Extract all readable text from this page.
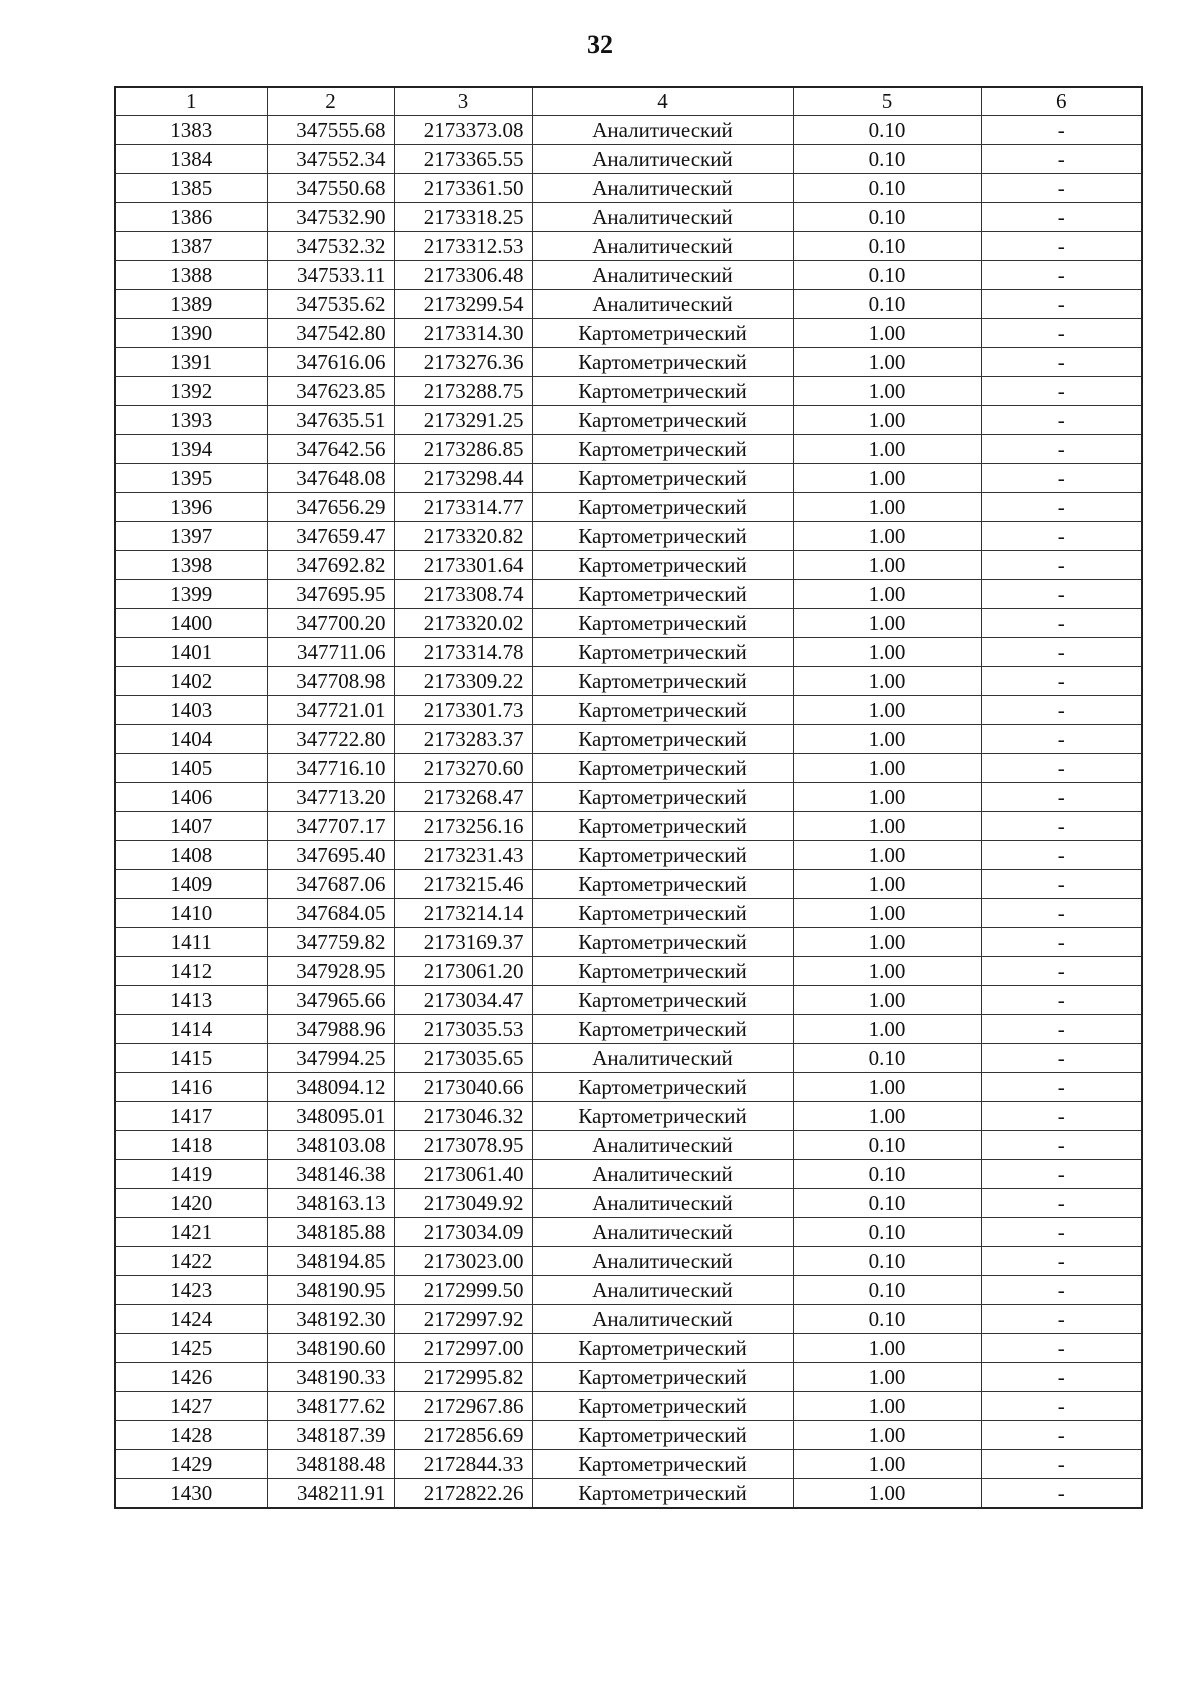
32
1	2	3	4	5	6
1383	347555.68	2173373.08	Аналитический	0.10	-
1384	347552.34	2173365.55	Аналитический	0.10	-
1385	347550.68	2173361.50	Аналитический	0.10	-
1386	347532.90	2173318.25	Аналитический	0.10	-
1387	347532.32	2173312.53	Аналитический	0.10	-
1388	347533.11	2173306.48	Аналитический	0.10	-
1389	347535.62	2173299.54	Аналитический	0.10	-
1390	347542.80	2173314.30	Картометрический	1.00	-
1391	347616.06	2173276.36	Картометрический	1.00	-
1392	347623.85	2173288.75	Картометрический	1.00	-
1393	347635.51	2173291.25	Картометрический	1.00	-
1394	347642.56	2173286.85	Картометрический	1.00	-
1395	347648.08	2173298.44	Картометрический	1.00	-
1396	347656.29	2173314.77	Картометрический	1.00	-
1397	347659.47	2173320.82	Картометрический	1.00	-
1398	347692.82	2173301.64	Картометрический	1.00	-
1399	347695.95	2173308.74	Картометрический	1.00	-
1400	347700.20	2173320.02	Картометрический	1.00	-
1401	347711.06	2173314.78	Картометрический	1.00	-
1402	347708.98	2173309.22	Картометрический	1.00	-
1403	347721.01	2173301.73	Картометрический	1.00	-
1404	347722.80	2173283.37	Картометрический	1.00	-
1405	347716.10	2173270.60	Картометрический	1.00	-
1406	347713.20	2173268.47	Картометрический	1.00	-
1407	347707.17	2173256.16	Картометрический	1.00	-
1408	347695.40	2173231.43	Картометрический	1.00	-
1409	347687.06	2173215.46	Картометрический	1.00	-
1410	347684.05	2173214.14	Картометрический	1.00	-
1411	347759.82	2173169.37	Картометрический	1.00	-
1412	347928.95	2173061.20	Картометрический	1.00	-
1413	347965.66	2173034.47	Картометрический	1.00	-
1414	347988.96	2173035.53	Картометрический	1.00	-
1415	347994.25	2173035.65	Аналитический	0.10	-
1416	348094.12	2173040.66	Картометрический	1.00	-
1417	348095.01	2173046.32	Картометрический	1.00	-
1418	348103.08	2173078.95	Аналитический	0.10	-
1419	348146.38	2173061.40	Аналитический	0.10	-
1420	348163.13	2173049.92	Аналитический	0.10	-
1421	348185.88	2173034.09	Аналитический	0.10	-
1422	348194.85	2173023.00	Аналитический	0.10	-
1423	348190.95	2172999.50	Аналитический	0.10	-
1424	348192.30	2172997.92	Аналитический	0.10	-
1425	348190.60	2172997.00	Картометрический	1.00	-
1426	348190.33	2172995.82	Картометрический	1.00	-
1427	348177.62	2172967.86	Картометрический	1.00	-
1428	348187.39	2172856.69	Картометрический	1.00	-
1429	348188.48	2172844.33	Картометрический	1.00	-
1430	348211.91	2172822.26	Картометрический	1.00	-
